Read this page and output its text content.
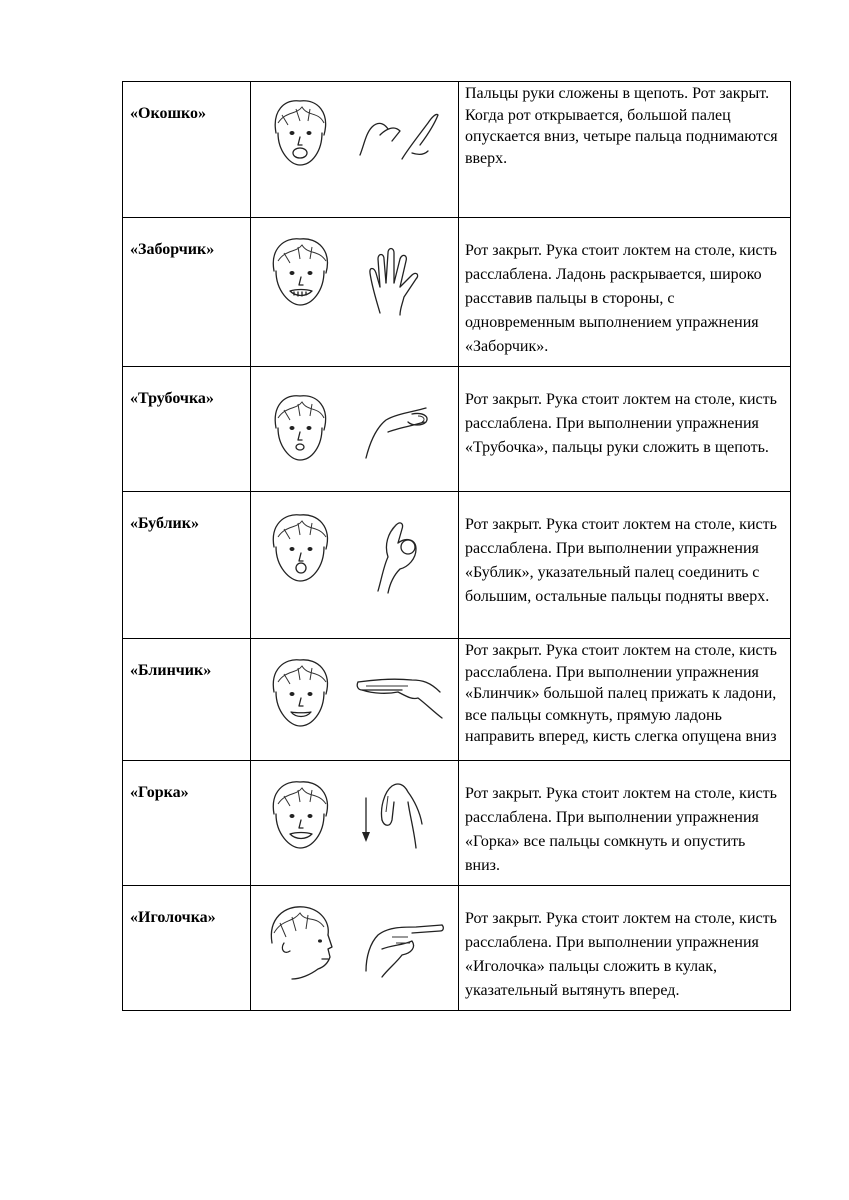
«Окошко»		Пальцы руки сложены в щепоть. Рот закрыт. Когда рот открывается, большой палец опускается вниз, четыре пальца поднимаются вверх.

«Заборчик»		Рот закрыт. Рука стоит локтем на столе, кисть расслаблена. Ладонь раскрывается, широко расставив пальцы в стороны, с одновременным выполнением упражнения «Заборчик».

«Трубочка»		Рот закрыт. Рука стоит локтем на столе, кисть расслаблена. При выполнении упражнения «Трубочка», пальцы руки сложить в щепоть.

«Бублик»		Рот закрыт. Рука стоит локтем на столе, кисть расслаблена. При выполнении упражнения «Бублик», указательный палец соединить с большим, остальные пальцы подняты вверх.

«Блинчик»		Рот закрыт. Рука стоит локтем на столе, кисть расслаблена. При выполнении упражнения «Блинчик» большой палец прижать к ладони, все пальцы сомкнуть, прямую ладонь направить вперед, кисть слегка опущена вниз

«Горка»		Рот закрыт. Рука стоит локтем на столе, кисть расслаблена. При выполнении упражнения «Горка» все пальцы сомкнуть и опустить вниз.

«Иголочка»		Рот закрыт. Рука стоит локтем на столе, кисть расслаблена. При выполнении упражнения «Иголочка» пальцы сложить в кулак, указательный вытянуть вперед.
